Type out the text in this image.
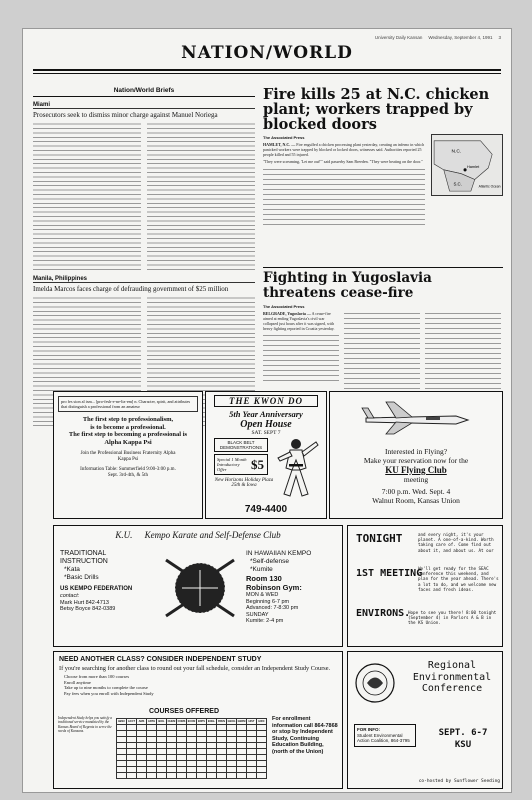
University Daily Kansan Wednesday, September 4, 1991 3
NATION/WORLD
Nation/World Briefs
Miami
Prosecutors seek to dismiss minor charge against Manuel Noriega
Manila, Philippines
Imelda Marcos faces charge of defrauding government of $25 million
Fire kills 25 at N.C. chicken plant; workers trapped by blocked doors
The Associated Press
HAMLET, N.C. — Fire engulfed a chicken processing plant yesterday, creating an inferno in which panicked workers were trapped by blocked or locked doors, witnesses said. Authorities reported 25 people killed and 55 injured.
"They were screaming, 'Let me out!'" said passerby Sam Breeden. "They were beating on the door."
N.C.
Hamlet
S.C.	Atlantic Ocean
Fighting in Yugoslavia threatens cease-fire
The Associated Press
BELGRADE, Yugoslavia — A cease-fire aimed at ending Yugoslavia's civil war collapsed just hours after it was signed, with heavy fighting reported in Croatia yesterday.
pro fes sion al ism... [pro-fesh-e-ne-liz-em] n. Character, spirit, and attributes that distinguish a professional from an amateur
The first step to professionalism,
is to become a professional.
The first step to becoming a professional is Alpha Kappa Psi
Join the Professional Business Fraternity Alpha Kappa Psi
Information Table: Summerfield 9:00-3:00 p.m. Sept. 3rd-4th, & 5th
THE KWON DO
5th Year Anniversary
Open House
SAT. SEPT 7
BLACK BELT DEMONSTRATIONS
Special 1 Month Introductory Offer	$5
New Horizons Holiday Plaza 25th & Iowa
749-4400
Interested in Flying?
Make your reservation now for the
KU Flying Club
meeting
7:00 p.m. Wed. Sept. 4
Walnut Room, Kansas Union
K.U. Kempo Karate and Self-Defense Club
TRADITIONAL INSTRUCTION
*Kata
*Basic Drills
US KEMPO FEDERATION
contact:
Mark Hurt 842-4713
Betsy Boyce 842-0389
IN HAWAIIAN KEMPO
*Self-defense
*Kumite
Room 130
Robinson Gym:
MON & WED
Beginning 6-7 pm
Advanced: 7-8:30 pm
SUNDAY
Kumite: 2-4 pm
TONIGHT	and every night, it's your planet. A one-of-a-kind. Worth taking care of. Come find out about it, and about us. At our
1ST MEETING
We'll get ready for the SEAC conference this weekend, and plan for the year ahead. There's a lot to do, and we welcome new faces and fresh ideas.
ENVIRONS.
Hope to see you there! 8:00 tonight (September 4) in Parlors A & B in the KS Union.
NEED ANOTHER CLASS? CONSIDER INDEPENDENT STUDY
If you're searching for another class to round out your fall schedule, consider an Independent Study Course.
Choose from more than 100 courses
Enroll anytime
Take up to nine months to complete the course
Pay fees when you enroll with Independent Study
COURSES OFFERED
Independent Study helps you satisfy a traditional service mandated by the Kansas Board of Regents to serve the needs of Kansans.
ABSC	ACCT	AMS	ANTH	BIOL	CHEM	COMS	ECON	EDPS	ENGL	FREN	GEOG	GERM	HIST	HWC

														For enrollment information call 864-7868 or stop by Independent Study, Continuing Education Building, (north of the Union)
Regional Environmental Conference
FOR INFO:
Student Environmental Action Coalition, 864-3795
SEPT. 6-7
KSU
co-hosted by Sunflower Seeding
